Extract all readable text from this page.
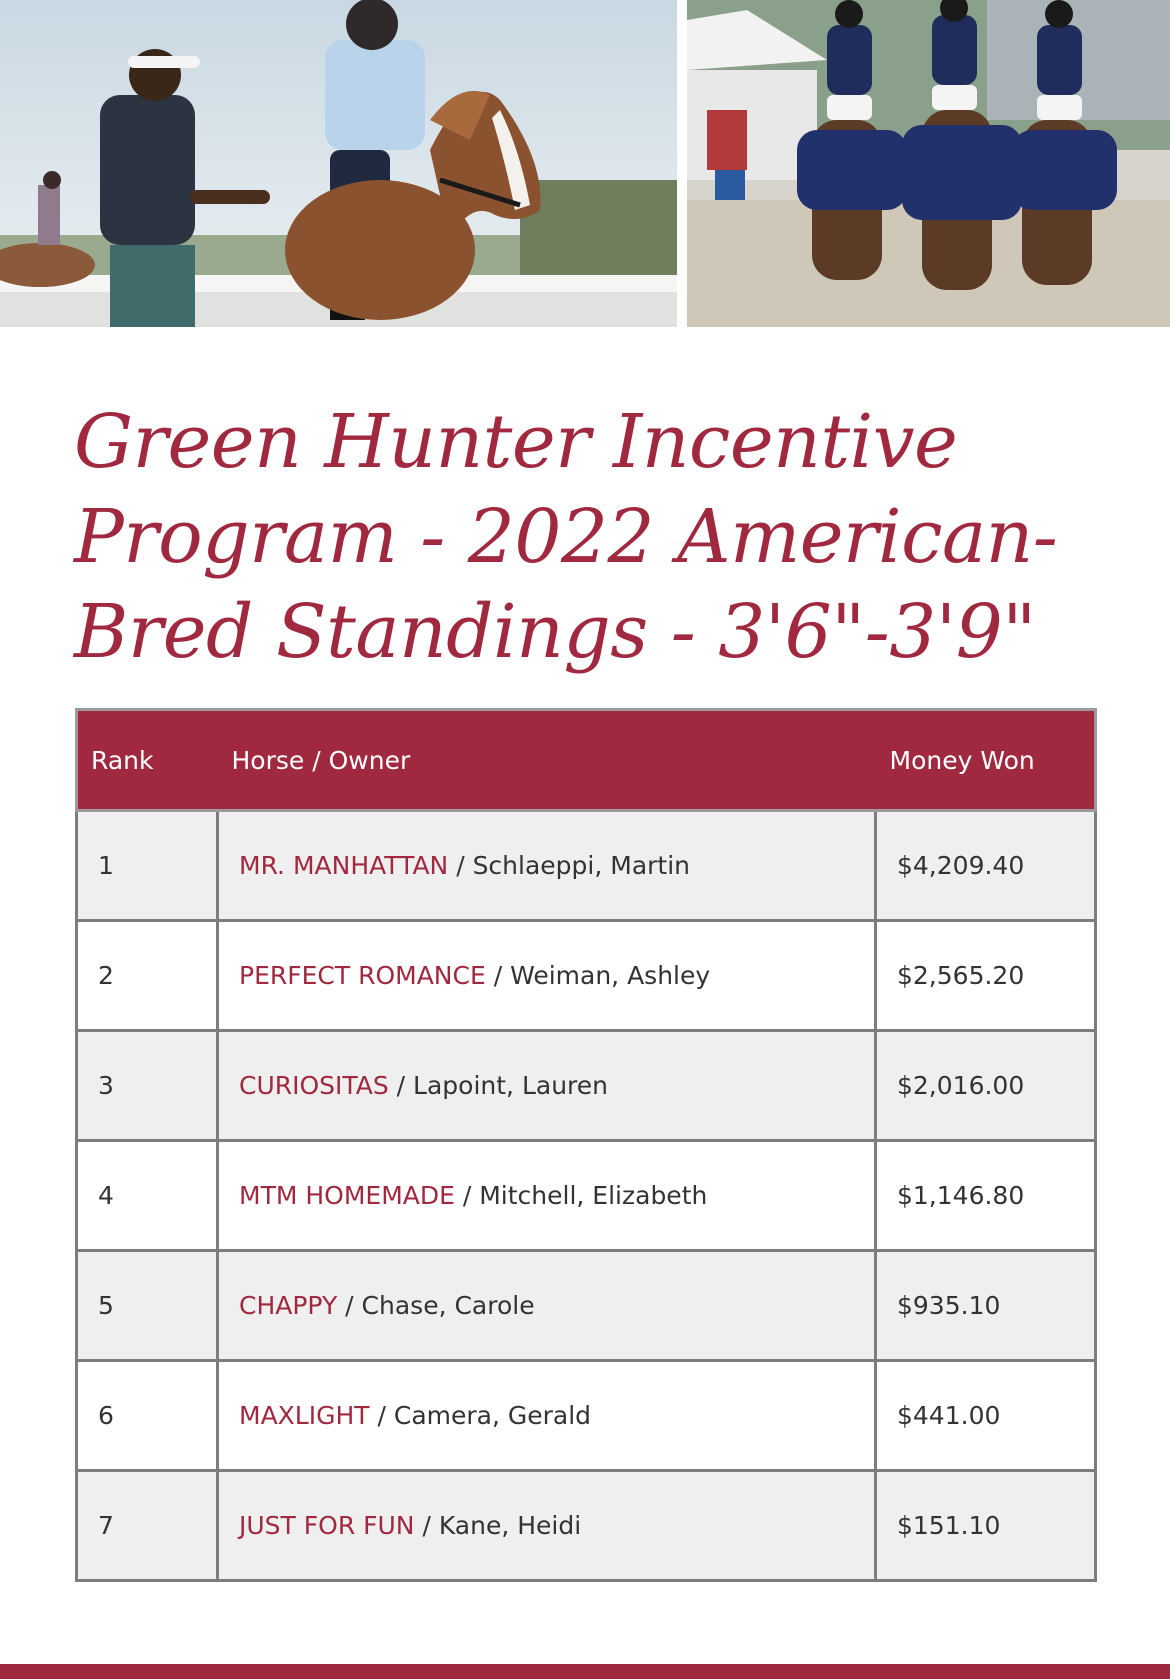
Green Hunter Incentive Program - 2022 American-Bred Standings - 3'6"-3'9"
Rank	Horse / Owner	Money Won
1	MR. MANHATTAN / Schlaeppi, Martin	$4,209.40
2	PERFECT ROMANCE / Weiman, Ashley	$2,565.20
3	CURIOSITAS / Lapoint, Lauren	$2,016.00
4	MTM HOMEMADE / Mitchell, Elizabeth	$1,146.80
5	CHAPPY / Chase, Carole	$935.10
6	MAXLIGHT / Camera, Gerald	$441.00
7	JUST FOR FUN / Kane, Heidi	$151.10
